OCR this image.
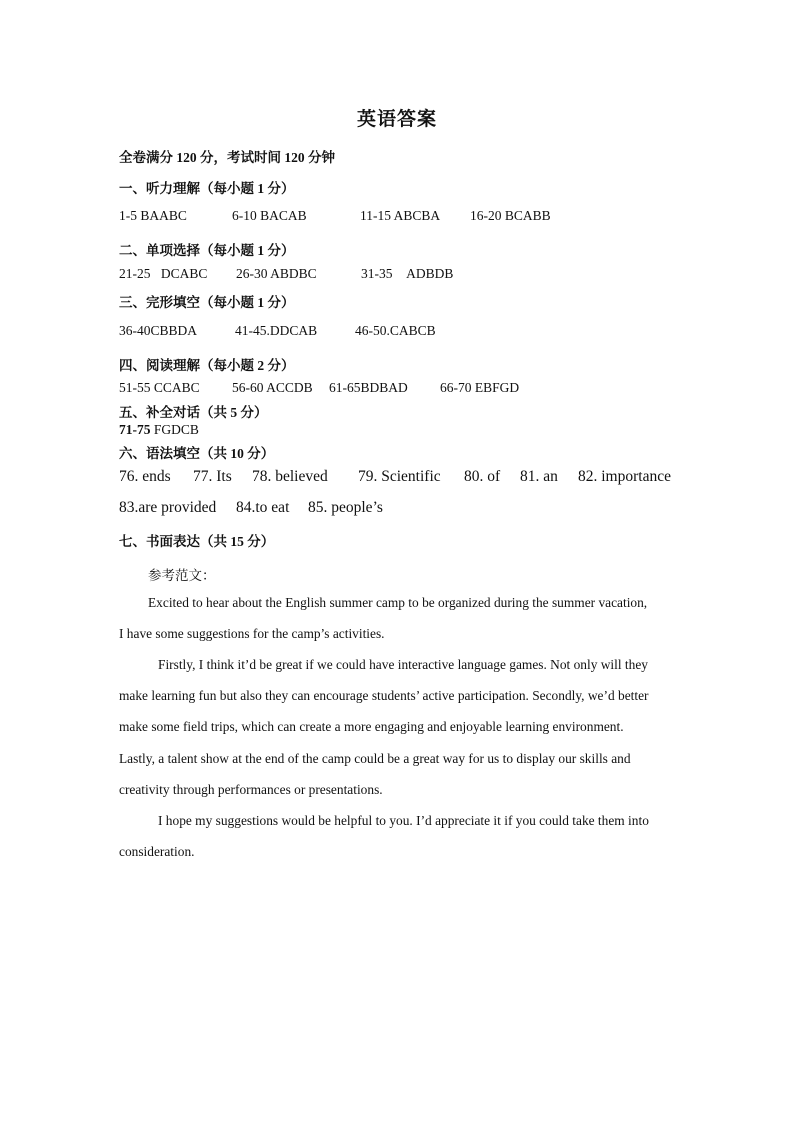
英语答案
全卷满分 120 分，考试时间 120 分钟
一、听力理解（每小题 1 分）
1-5 BAABC	6-10 BACAB	11-15 ABCBA 16-20 BCABB
二、单项选择（每小题 1 分）
21-25 DCABC 26-30 ABDBC	31-35 ADBDB
三、完形填空（每小题 1 分）
36-40CBBDA	41-45.DDCAB	46-50.CABCB
四、阅读理解（每小题 2 分）
51-55 CCABC 56-60 ACCDB 61-65BDBAD 66-70 EBFGD
五、补全对话（共 5 分）
71-75 FGDCB
六、语法填空（共 10 分）
76. ends 77. Its 78. believed 79. Scientific 80. of 81. an 82. importance
83.are provided 84.to eat 85. people’s
七、书面表达（共 15 分）
参考范文：
Excited to hear about the English summer camp to be organized during the summer vacation,
I have some suggestions for the camp’s activities.
Firstly, I think it’d be great if we could have interactive language games. Not only will they
make learning fun but also they can encourage students’ active participation. Secondly, we’d better
make some field trips, which can create a more engaging and enjoyable learning environment.
Lastly, a talent show at the end of the camp could be a great way for us to display our skills and
creativity through performances or presentations.
I hope my suggestions would be helpful to you. I’d appreciate it if you could take them into
consideration.
